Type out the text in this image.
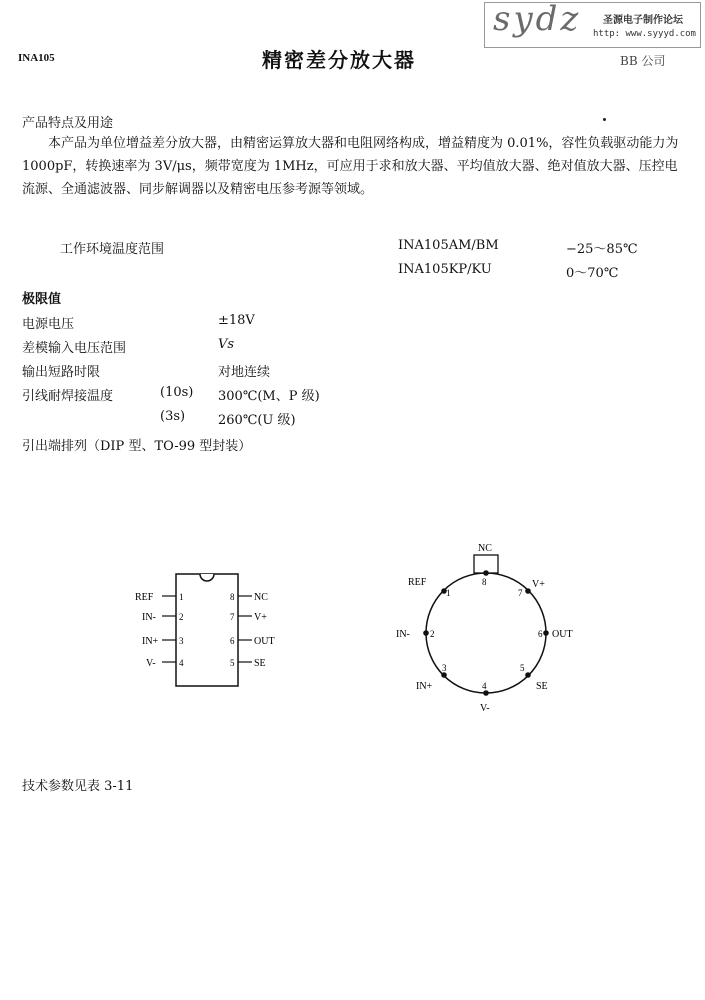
sydz 圣源电子制作论坛
http: www.syyyd.com
INA105	精密差分放大器	BB 公司
产品特点及用途
本产品为单位增益差分放大器，由精密运算放大器和电阻网络构成，增益精度为 0.01%，容性负载驱动能力为 1000pF，转换速率为 3V/μs，频带宽度为 1MHz，可应用于求和放大器、平均值放大器、绝对值放大器、压控电流源、全通滤波器、同步解调器以及精密电压参考源等领域。
工作环境温度范围	INA105AM/BM	−25～85℃
INA105KP/KU	0～70℃
极限值
电源电压	±18V
差模输入电压范围	Vs
输出短路时限	对地连续
引线耐焊接温度	(10s) 300℃(M、P 级)
(3s)	260℃(U 级)
引出端排列（DIP 型、TO-99 型封装）
REF
IN-
IN+
V-
1
2
3
4
8
7
6
5
NC
V+
OUT
SE
NC
8
REF
1
V+
7
IN- 2	OUT
6
IN+
3
SE
5
V-
4
技术参数见表 3-11
